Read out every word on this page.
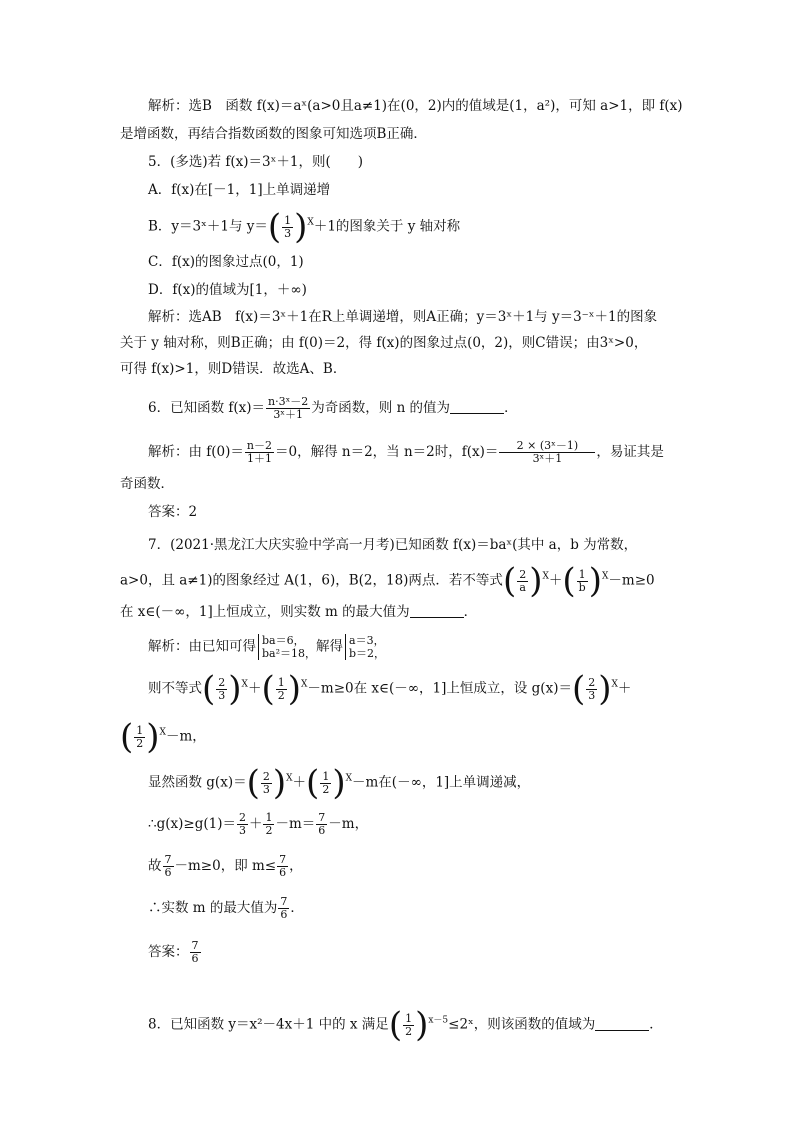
解析：选B　函数 f(x)＝aˣ(a>0且a≠1)在(0，2)内的值域是(1，a²)，可知 a>1，即 f(x)
是增函数，再结合指数函数的图象可知选项B正确．
5．(多选)若 f(x)＝3ˣ＋1，则(　　)
A．f(x)在[－1，1]上单调递增
B．y＝3ˣ＋1与 $y=( \frac{1}{3} )^X+1$的图象关于 y 轴对称
C．f(x)的图象过点(0，1)
D．f(x)的值域为[1，＋∞)
解析：选AB　f(x)＝3ˣ＋1在R上单调递增，则A正确；y＝3ˣ＋1与 y＝3⁻ˣ＋1的图象
关于 y 轴对称，则B正确；由 f(0)＝2，得 f(x)的图象过点(0，2)，则C错误；由3ˣ>0，
可得 f(x)>1，则D错误．故选A、B．
6．已知函数 $f(x)= \frac{\text{n·3ˣ－2}}{\text{3ˣ＋1}}$ 为奇函数，则 n 的值为	．
解析：由 $f(0)= \frac{n-2}{1+1} =0$，解得 n＝2，当 n＝2时，$f(x)= \frac{\text{2 × (3ˣ－1)}}{\text{3ˣ＋1}}$ ，易证其是
奇函数．
答案：2
7．(2021·黑龙江大庆实验中学高一月考)已知函数 f(x)＝baˣ(其中 a，b 为常数，
a>0，且 a≠1)的图象经过 A(1，6)，B(2，18)两点．若不等式( $\frac{2}{a} )^X+( \frac{1}{b} )^X-m\ge 0$
在 x∈(－∞，1]上恒成立，则实数 m 的最大值为	．
解析：由已知可得 ba＝6，
ba²＝18， 解得 a＝3，
b＝2，
则不等式( $\frac{2}{3} )^X+( \frac{1}{2} )^X-m\ge 0$在 x∈(－∞，1]上恒成立，设 $g(x)=( \frac{2}{3} )^X+$
( $\frac{1}{2} )^X-m$，
显然函数 $g(x)=( \frac{2}{3} )^X+( \frac{1}{2} )^X-m$在(－∞，1]上单调递减，
∴g(x)≥g(1)＝ $\frac{2}{3} + \frac{1}{2} -m= \frac{7}{6} -m$，
故 $\frac{7}{6} -m\ge 0$，即 $m\le \frac{7}{6}$ ，
∴实数 m 的最大值为 $\frac{7}{6}$ ．
答案： $\frac{7}{6}$
8．已知函数 y＝x²－4x＋1 中的 x 满足( $\frac{1}{2}$ )$^{x-5}$≤2ˣ，则该函数的值域为	．
